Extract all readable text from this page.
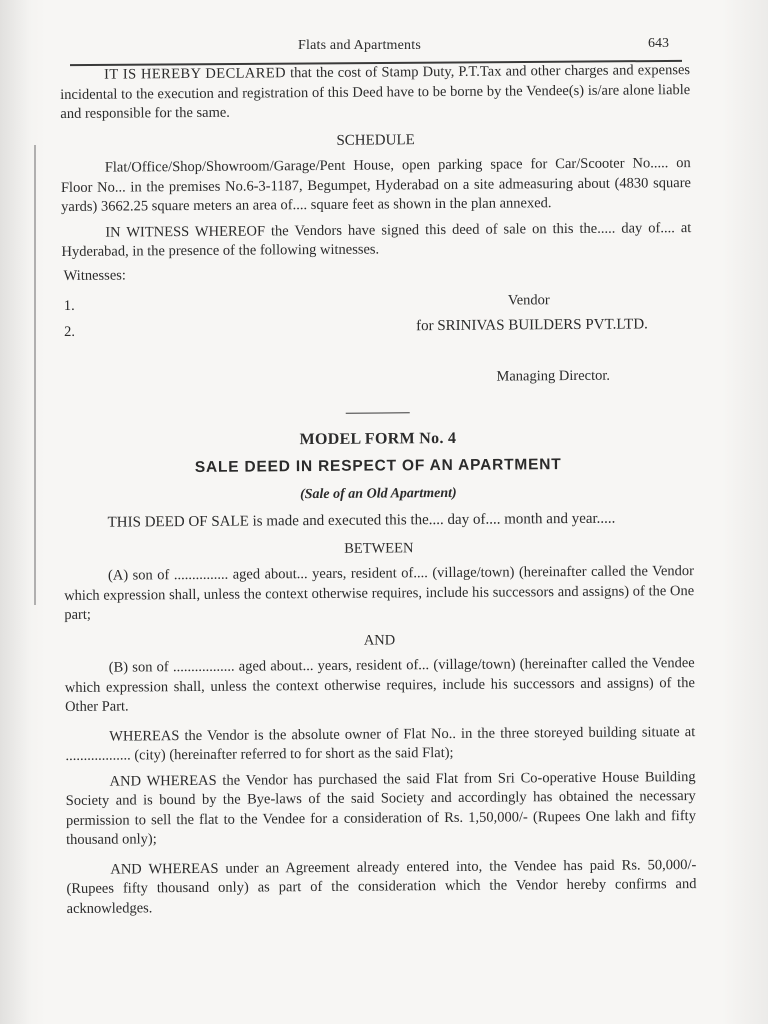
Flats and Apartments	643

IT IS HEREBY DECLARED that the cost of Stamp Duty, P.T.Tax and other charges and expenses incidental to the execution and registration of this Deed have to be borne by the Vendee(s) is/are alone liable and responsible for the same.

SCHEDULE

Flat/Office/Shop/Showroom/Garage/Pent House, open parking space for Car/Scooter No..... on Floor No... in the premises No.6-3-1187, Begumpet, Hyderabad on a site admeasuring about (4830 square yards) 3662.25 square meters an area of.... square feet as shown in the plan annexed.

IN WITNESS WHEREOF the Vendors have signed this deed of sale on this the..... day of.... at Hyderabad, in the presence of the following witnesses.

Witnesses:
1.
2.
Vendor
for SRINIVAS BUILDERS PVT.LTD.
Managing Director.
MODEL FORM No. 4
SALE DEED IN RESPECT OF AN APARTMENT
(Sale of an Old Apartment)

THIS DEED OF SALE is made and executed this the.... day of.... month and year.....

BETWEEN

(A) son of ............... aged about... years, resident of.... (village/town) (hereinafter called the Vendor which expression shall, unless the context otherwise requires, include his successors and assigns) of the One part;

AND

(B) son of ................. aged about... years, resident of... (village/town) (hereinafter called the Vendee which expression shall, unless the context otherwise requires, include his successors and assigns) of the Other Part.

WHEREAS the Vendor is the absolute owner of Flat No.. in the three storeyed building situate at .................. (city) (hereinafter referred to for short as the said Flat);

AND WHEREAS the Vendor has purchased the said Flat from Sri Co-operative House Building Society and is bound by the Bye-laws of the said Society and accordingly has obtained the necessary permission to sell the flat to the Vendee for a consideration of Rs. 1,50,000/- (Rupees One lakh and fifty thousand only);

AND WHEREAS under an Agreement already entered into, the Vendee has paid Rs. 50,000/- (Rupees fifty thousand only) as part of the consideration which the Vendor hereby confirms and acknowledges.
